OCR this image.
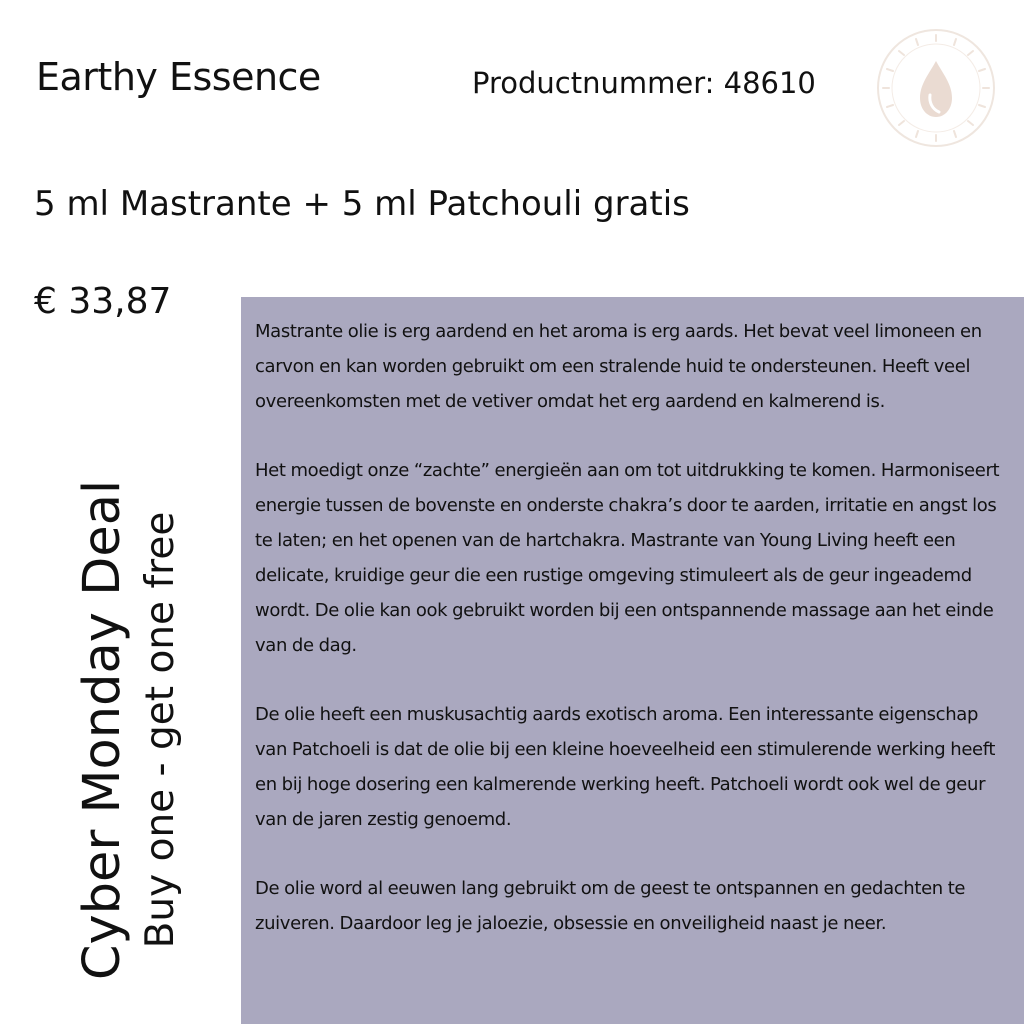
Earthy Essence	Productnummer: 48610
5 ml Mastrante + 5 ml Patchouli gratis
€ 33,87
Cyber Monday Deal Buy one - get one free

Mastrante olie is erg aardend en het aroma is erg aards. Het bevat veel limoneen en carvon en kan worden gebruikt om een stralende huid te ondersteunen. Heeft veel overeenkomsten met de vetiver omdat het erg aardend en kalmerend is.

Het moedigt onze “zachte” energieën aan om tot uitdrukking te komen. Harmoniseert energie tussen de bovenste en onderste chakra’s door te aarden, irritatie en angst los te laten; en het openen van de hartchakra. Mastrante van Young Living heeft een delicate, kruidige geur die een rustige omgeving stimuleert als de geur ingeademd wordt. De olie kan ook gebruikt worden bij een ontspannende massage aan het einde van de dag.

De olie heeft een muskusachtig aards exotisch aroma. Een interessante eigenschap van Patchoeli is dat de olie bij een kleine hoeveelheid een stimulerende werking heeft en bij hoge dosering een kalmerende werking heeft. Patchoeli wordt ook wel de geur van de jaren zestig genoemd.

De olie word al eeuwen lang gebruikt om de geest te ontspannen en gedachten te zuiveren. Daardoor leg je jaloezie, obsessie en onveiligheid naast je neer.
